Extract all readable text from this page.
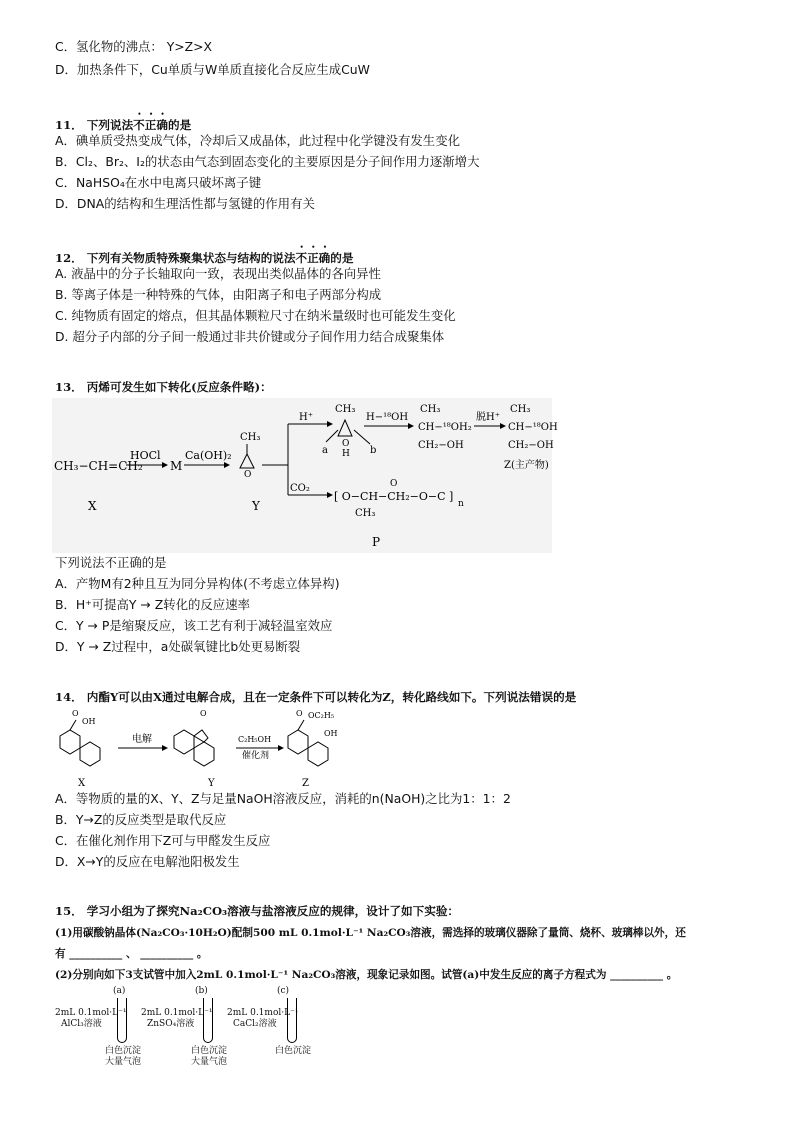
C．氢化物的沸点： Y>Z>X
D．加热条件下，Cu单质与W单质直接化合反应生成CuW
11． 下列说法不正确的是
A．碘单质受热变成气体，冷却后又成晶体，此过程中化学键没有发生变化
B．Cl₂、Br₂、I₂的状态由气态到固态变化的主要原因是分子间作用力逐渐增大
C．NaHSO₄在水中电离只破坏离子键
D．DNA的结构和生理活性都与氢键的作用有关
12． 下列有关物质特殊聚集状态与结构的说法不正确的是
A. 液晶中的分子长轴取向一致，表现出类似晶体的各向异性
B. 等离子体是一种特殊的气体，由阳离子和电子两部分构成
C. 纯物质有固定的熔点，但其晶体颗粒尺寸在纳米量级时也可能发生变化
D. 超分子内部的分子间一般通过非共价键或分子间作用力结合成聚集体
13． 丙烯可发生如下转化(反应条件略)：
CH₃−CH=CH₂
X
HOCl
M
Ca(OH)₂
CH₃
O
Y
H⁺
CO₂
CH₃
O
H
a	b
H−¹⁸OH
CH₃
CH−¹⁸OH₂
CH₂−OH
脱H⁺
CH₃
CH−¹⁸OH
CH₂−OH
Z(主产物)
[ O−CH−CH₂−O−C ]
O
CH₃
n
P
下列说法不正确的是
A．产物M有2种且互为同分异构体(不考虑立体异构)
B．H⁺可提高Y → Z转化的反应速率
C．Y → P是缩聚反应，该工艺有利于减轻温室效应
D．Y → Z过程中，a处碳氧键比b处更易断裂
14． 内酯Y可以由X通过电解合成，且在一定条件下可以转化为Z，转化路线如下。下列说法错误的是
O
OH
X
电解
O
Y
C₂H₅OH
催化剂
O OC₂H₅
OH
Z
A．等物质的量的X、Y、Z与足量NaOH溶液反应，消耗的n(NaOH)之比为1：1：2
B．Y→Z的反应类型是取代反应
C．在催化剂作用下Z可与甲醛发生反应
D．X→Y的反应在电解池阳极发生
15． 学习小组为了探究Na₂CO₃溶液与盐溶液反应的规律，设计了如下实验：
(1)用碳酸钠晶体(Na₂CO₃·10H₂O)配制500 mL 0.1mol·L⁻¹ Na₂CO₃溶液，需选择的玻璃仪器除了量筒、烧杯、玻璃棒以外，还
有 __________ 、 __________ 。
(2)分别向如下3支试管中加入2mL 0.1mol·L⁻¹ Na₂CO₃溶液，现象记录如图。试管(a)中发生反应的离子方程式为 __________ 。
(a)
2mL 0.1mol·L⁻¹
AlCl₃溶液
白色沉淀
大量气泡
(b)
2mL 0.1mol·L⁻¹
ZnSO₄溶液
白色沉淀
大量气泡
(c)
2mL 0.1mol·L⁻¹
CaCl₂溶液
白色沉淀
